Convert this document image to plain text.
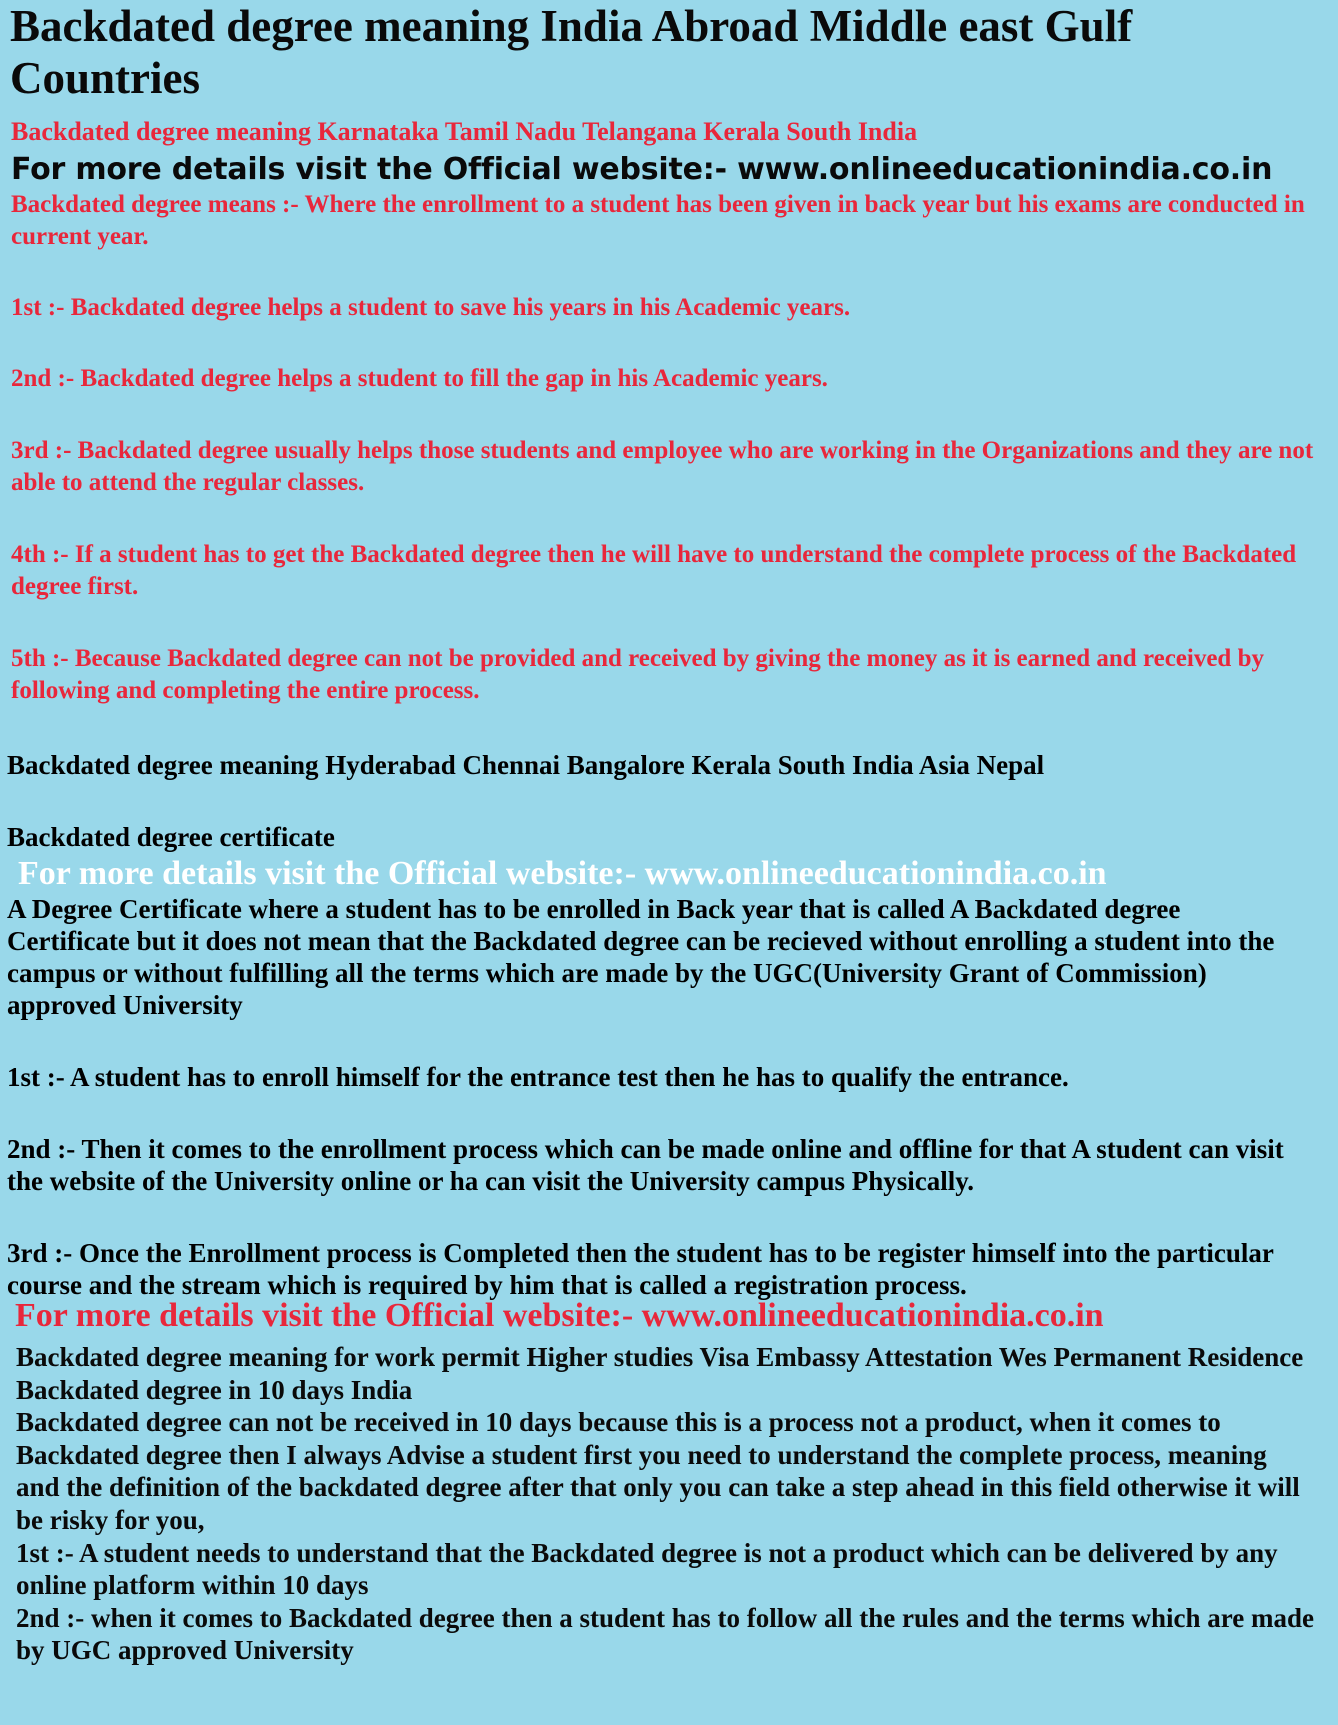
Backdated degree meaning India Abroad Middle east Gulf Countries

Backdated degree meaning Karnataka Tamil Nadu Telangana Kerala South India

For more details visit the Official website:- www.onlineeducationindia.co.in

Backdated degree means :- Where the enrollment to a student has been given in back year but his exams are conducted in current year.

1st :- Backdated degree helps a student to save his years in his Academic years.

2nd :- Backdated degree helps a student to fill the gap in his Academic years.

3rd :- Backdated degree usually helps those students and employee who are working in the Organizations and they are not able to attend the regular classes.

4th :- If a student has to get the Backdated degree then he will have to understand the complete process of the Backdated degree first.

5th :- Because Backdated degree can not be provided and received by giving the money as it is earned and received by following and completing the entire process.

Backdated degree meaning Hyderabad Chennai Bangalore Kerala South India Asia Nepal

Backdated degree certificate

For more details visit the Official website:- www.onlineeducationindia.co.in

A Degree Certificate where a student has to be enrolled in Back year that is called A Backdated degree Certificate but it does not mean that the Backdated degree can be recieved without enrolling a student into the campus or without fulfilling all the terms which are made by the UGC(University Grant of Commission) approved University

1st :- A student has to enroll himself for the entrance test then he has to qualify the entrance.

2nd :- Then it comes to the enrollment process which can be made online and offline for that A student can visit the website of the University online or ha can visit the University campus Physically.

3rd :- Once the Enrollment process is Completed then the student has to be register himself into the particular course and the stream which is required by him that is called a registration process.

For more details visit the Official website:- www.onlineeducationindia.co.in

Backdated degree meaning for work permit Higher studies Visa Embassy Attestation Wes Permanent Residence
Backdated degree in 10 days India
Backdated degree can not be received in 10 days because this is a process not a product, when it comes to Backdated degree then I always Advise a student first you need to understand the complete process, meaning and the definition of the backdated degree after that only you can take a step ahead in this field otherwise it will be risky for you,
1st :- A student needs to understand that the Backdated degree is not a product which can be delivered by any online platform within 10 days
2nd :- when it comes to Backdated degree then a student has to follow all the rules and the terms which are made by UGC approved University
